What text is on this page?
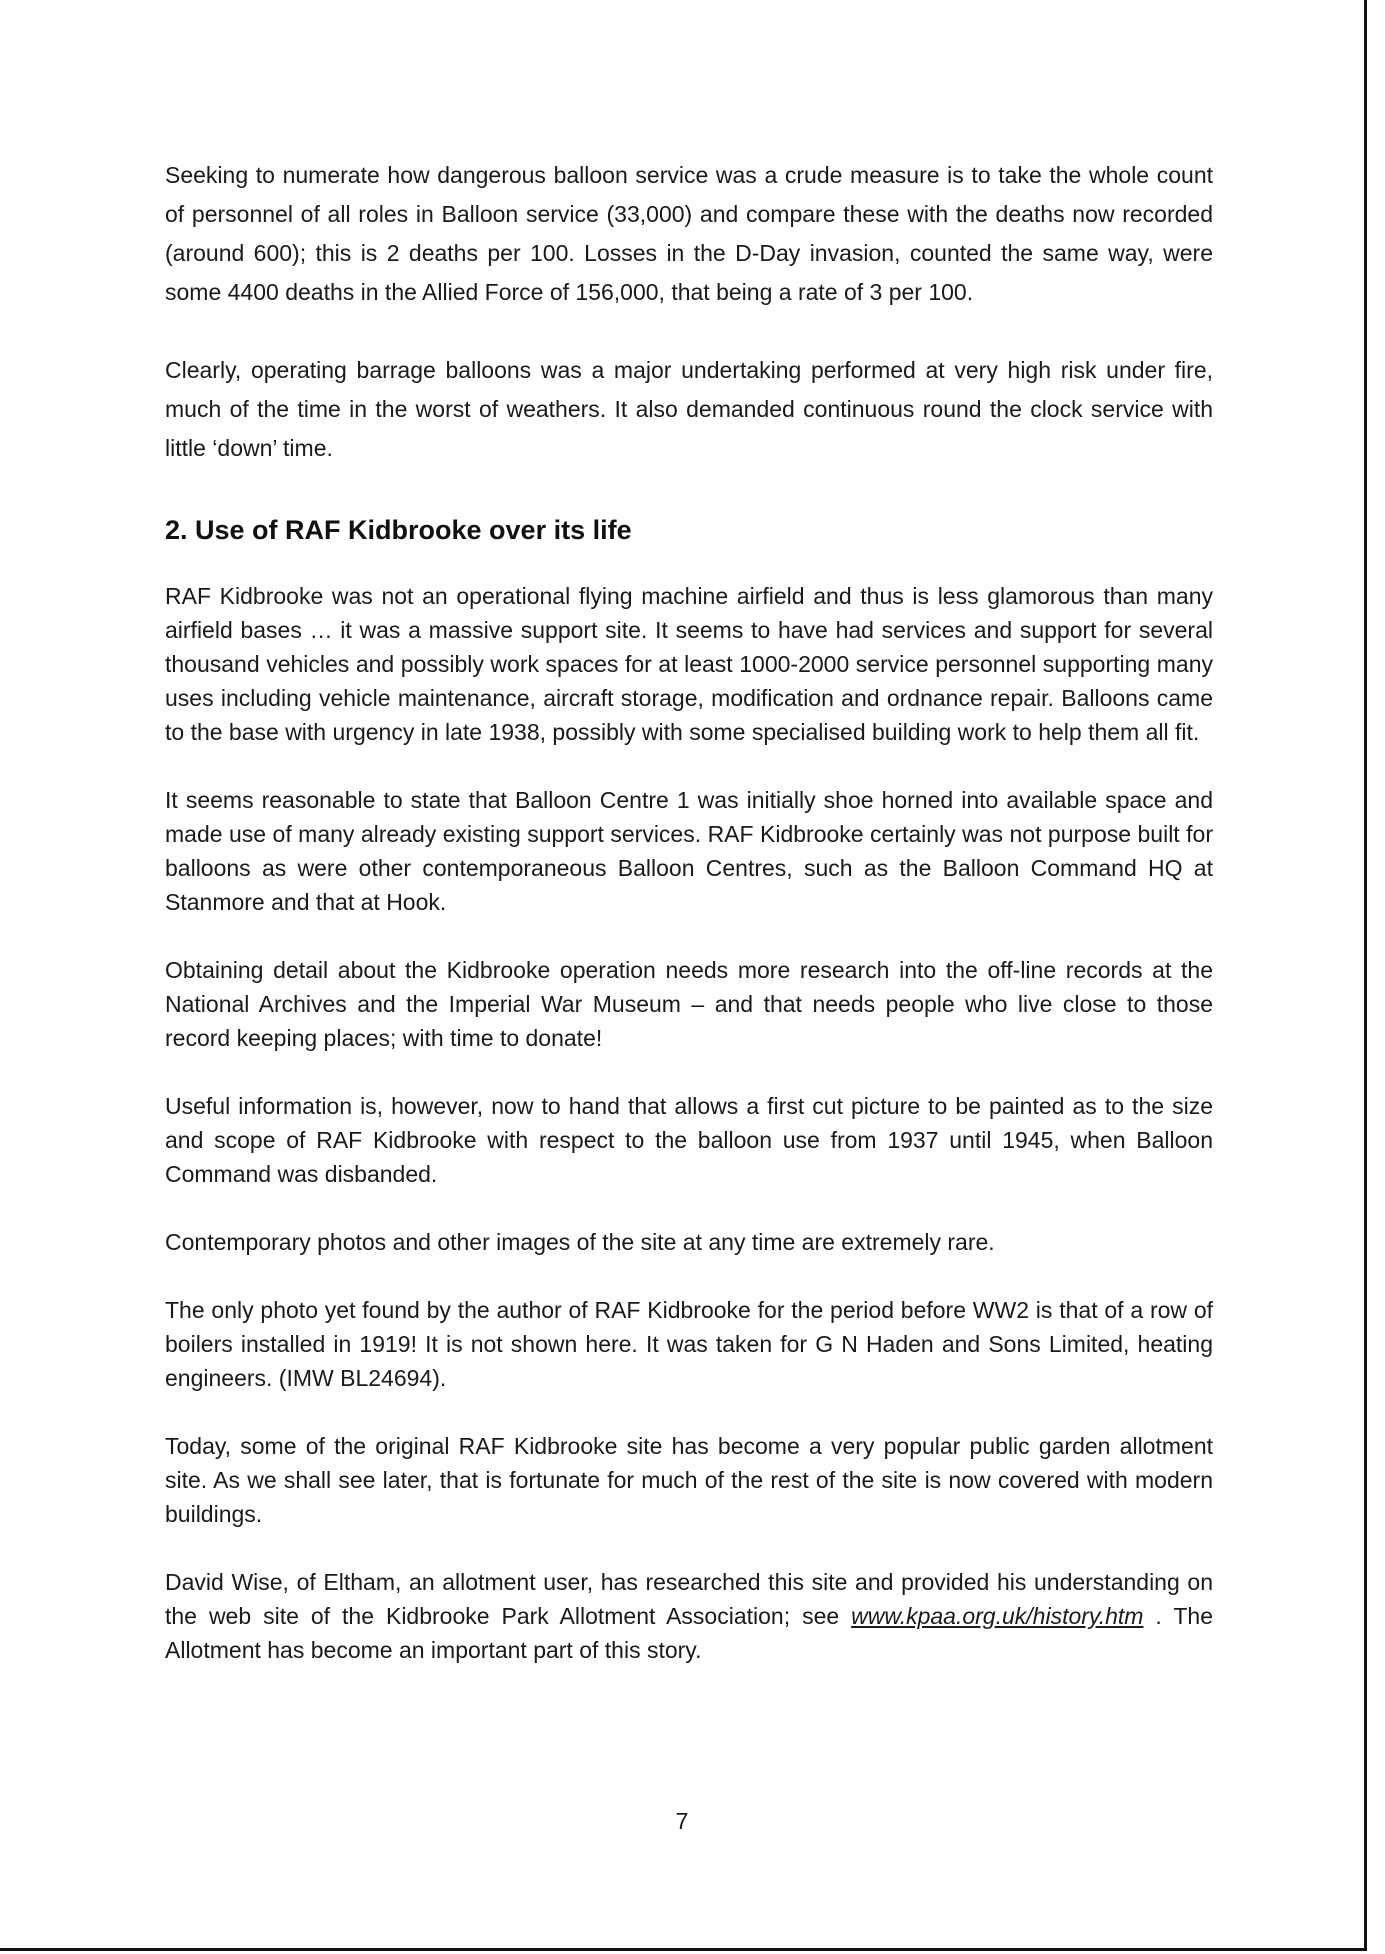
Seeking to numerate how dangerous balloon service was a crude measure is to take the whole count of personnel of all roles in Balloon service (33,000) and compare these with the deaths now recorded (around 600); this is 2 deaths per 100. Losses in the D-Day invasion, counted the same way, were some 4400 deaths in the Allied Force of 156,000, that being a rate of 3 per 100.

Clearly, operating barrage balloons was a major undertaking performed at very high risk under fire, much of the time in the worst of weathers. It also demanded continuous round the clock service with little ‘down’ time.

2. Use of RAF Kidbrooke over its life

RAF Kidbrooke was not an operational flying machine airfield and thus is less glamorous than many airfield bases … it was a massive support site. It seems to have had services and support for several thousand vehicles and possibly work spaces for at least 1000-2000 service personnel supporting many uses including vehicle maintenance, aircraft storage, modification and ordnance repair. Balloons came to the base with urgency in late 1938, possibly with some specialised building work to help them all fit.

It seems reasonable to state that Balloon Centre 1 was initially shoe horned into available space and made use of many already existing support services. RAF Kidbrooke certainly was not purpose built for balloons as were other contemporaneous Balloon Centres, such as the Balloon Command HQ at Stanmore and that at Hook.

Obtaining detail about the Kidbrooke operation needs more research into the off-line records at the National Archives and the Imperial War Museum – and that needs people who live close to those record keeping places; with time to donate!

Useful information is, however, now to hand that allows a first cut picture to be painted as to the size and scope of RAF Kidbrooke with respect to the balloon use from 1937 until 1945, when Balloon Command was disbanded.

Contemporary photos and other images of the site at any time are extremely rare.

The only photo yet found by the author of RAF Kidbrooke for the period before WW2 is that of a row of boilers installed in 1919! It is not shown here. It was taken for G N Haden and Sons Limited, heating engineers. (IMW BL24694).

Today, some of the original RAF Kidbrooke site has become a very popular public garden allotment site. As we shall see later, that is fortunate for much of the rest of the site is now covered with modern buildings.

David Wise, of Eltham, an allotment user, has researched this site and provided his understanding on the web site of the Kidbrooke Park Allotment Association; see www.kpaa.org.uk/history.htm . The Allotment has become an important part of this story.

7
